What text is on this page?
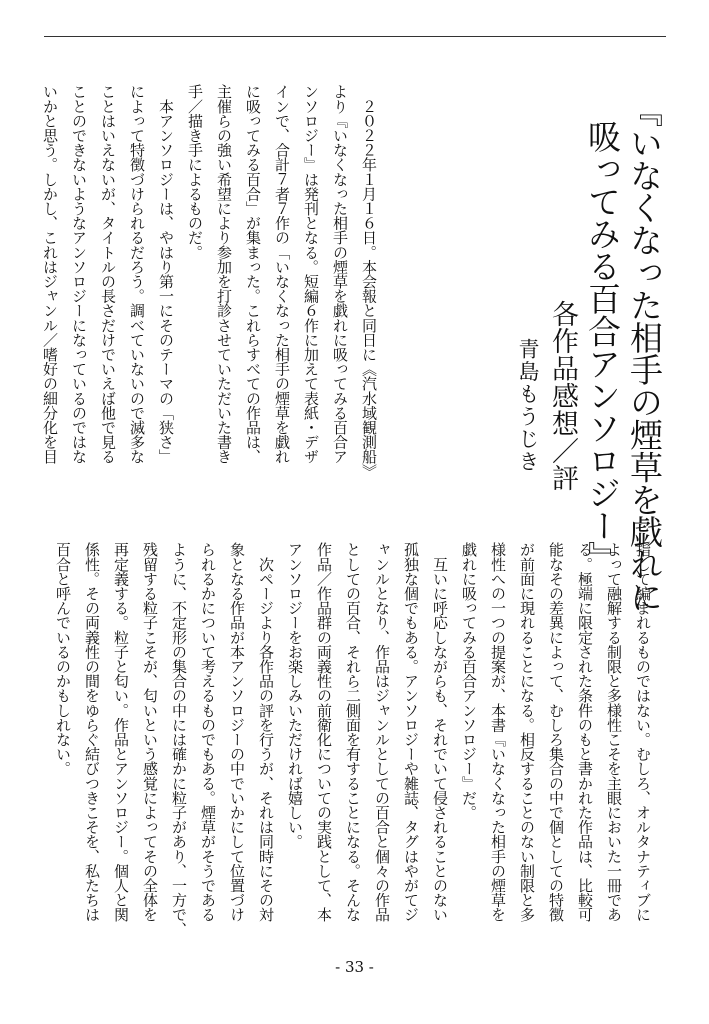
『いなくなった相手の煙草を戯れに

吸ってみる百合アンソロジー』

各作品感想／評

青島もうじき

　２０２２年１月１６日。本会報と同日に《汽水域観測船》

より『いなくなった相手の煙草を戯れに吸ってみる百合ア

ンソロジー』は発刊となる。短編６作に加えて表紙・デザ

インで、合計７者７作の「いなくなった相手の煙草を戯れ

に吸ってみる百合」が集まった。これらすべての作品は、

主催らの強い希望により参加を打診させていただいた書き

手／描き手によるものだ。

　本アンソロジーは、やはり第一にそのテーマの「狭さ」

によって特徴づけられるだろう。調べていないので滅多な

ことはいえないが、タイトルの長さだけでいえば他で見る

ことのできないようなアンソロジーになっているのではな

いかと思う。しかし、これはジャンル／嗜好の細分化を目

指して編まれるものではない。むしろ、オルタナティブに

よって融解する制限と多様性こそを主眼においた一冊であ

る。極端に限定された条件のもと書かれた作品は、比較可

能なその差異によって、むしろ集合の中で個としての特徴

が前面に現れることになる。相反することのない制限と多

様性への一つの提案が、本書『いなくなった相手の煙草を

戯れに吸ってみる百合アンソロジー』だ。

　互いに呼応しながらも、それでいて侵されることのない

孤独な個でもある。アンソロジーや雑誌、タグはやがてジ

ャンルとなり、作品はジャンルとしての百合と個々の作品

としての百合、それら二側面を有することになる。そんな

作品／作品群の両義性の前衛化についての実践として、本

アンソロジーをお楽しみいただければ嬉しい。

　次ページより各作品の評を行うが、それは同時にその対

象となる作品が本アンソロジーの中でいかにして位置づけ

られるかについて考えるものでもある。煙草がそうである

ように、不定形の集合の中には確かに粒子があり、一方で、

残留する粒子こそが、匂いという感覚によってその全体を

再定義する。粒子と匂い。作品とアンソロジー。個人と関

係性。その両義性の間をゆらぐ結びつきこそを、私たちは

百合と呼んでいるのかもしれない。

- 33 -
